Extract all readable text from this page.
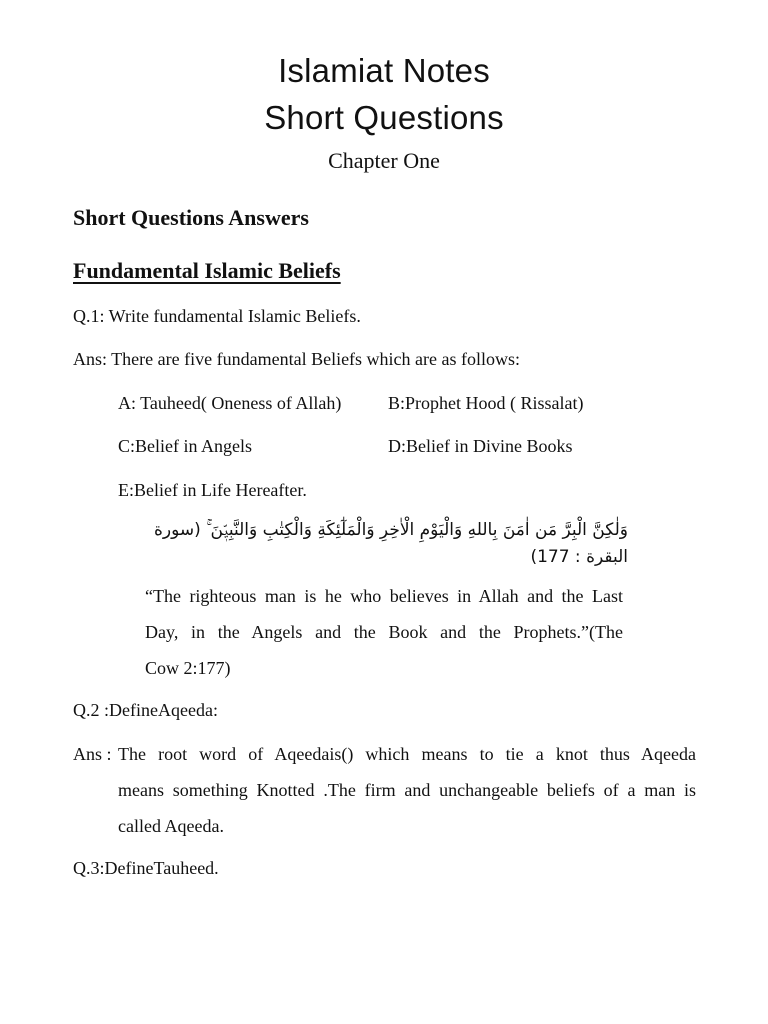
Islamiat Notes
Short Questions
Chapter One
Short Questions Answers
Fundamental Islamic Beliefs
Q.1: Write fundamental Islamic Beliefs.
Ans: There are five fundamental Beliefs which are as follows:
A: Tauheed( Oneness of Allah)	B:Prophet Hood ( Rissalat)
C:Belief in Angels	D:Belief in Divine Books
E:Belief in Life Hereafter.
وَلٰكِنَّ الْبِرَّ مَن اٰمَنَ بِاللهِ وَالْيَوْمِ الْاٰخِرِ وَالْمَلٰٓئِكَةِ وَالْكِتٰبِ وَالنَّبِيّٖنَ ۚ (سورة
البقرة : 177)
“The righteous man is he who believes in Allah and the Last
Day, in the Angels and the Book and the Prophets.”(The
Cow 2:177)
Q.2 :DefineAqeeda:
Ans : The root word of Aqeedais() which means to tie a knot thus Aqeeda
means something Knotted .The firm and unchangeable beliefs of a man is
called Aqeeda.
Q.3:DefineTauheed.
